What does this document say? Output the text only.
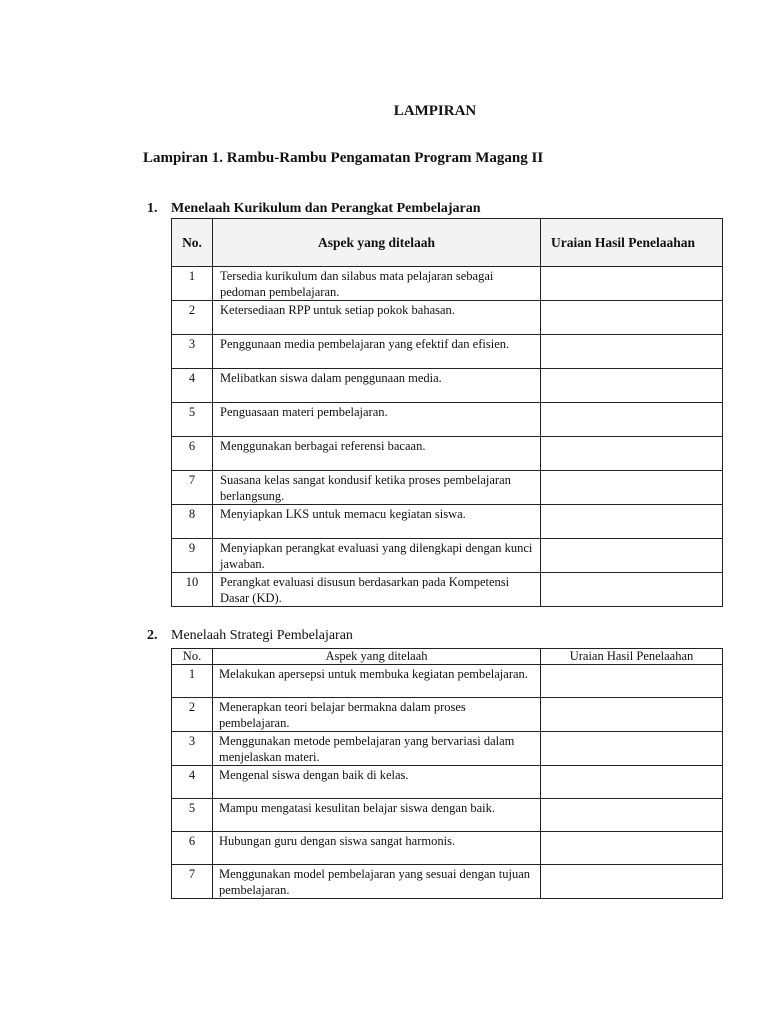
LAMPIRAN
Lampiran 1. Rambu-Rambu Pengamatan Program Magang II
1. Menelaah Kurikulum dan Perangkat Pembelajaran
No.	Aspek yang ditelaah	Uraian Hasil Penelaahan
1	Tersedia kurikulum dan silabus mata pelajaran sebagai pedoman pembelajaran.	
2	Ketersediaan RPP untuk setiap pokok bahasan.	
3	Penggunaan media pembelajaran yang efektif dan efisien.	
4	Melibatkan siswa dalam penggunaan media.	
5	Penguasaan materi pembelajaran.	
6	Menggunakan berbagai referensi bacaan.	
7	Suasana kelas sangat kondusif ketika proses pembelajaran berlangsung.	
8	Menyiapkan LKS untuk memacu kegiatan siswa.	
9	Menyiapkan perangkat evaluasi yang dilengkapi dengan kunci jawaban.	
10	Perangkat evaluasi disusun berdasarkan pada Kompetensi Dasar (KD).	
2. Menelaah Strategi Pembelajaran
No.	Aspek yang ditelaah	Uraian Hasil Penelaahan
1	Melakukan apersepsi untuk membuka kegiatan pembelajaran.	
2	Menerapkan teori belajar bermakna dalam proses pembelajaran.	
3	Menggunakan metode pembelajaran yang bervariasi dalam menjelaskan materi.	
4	Mengenal siswa dengan baik di kelas.	
5	Mampu mengatasi kesulitan belajar siswa dengan baik.	
6	Hubungan guru dengan siswa sangat harmonis.	
7	Menggunakan model pembelajaran yang sesuai dengan tujuan pembelajaran.	
